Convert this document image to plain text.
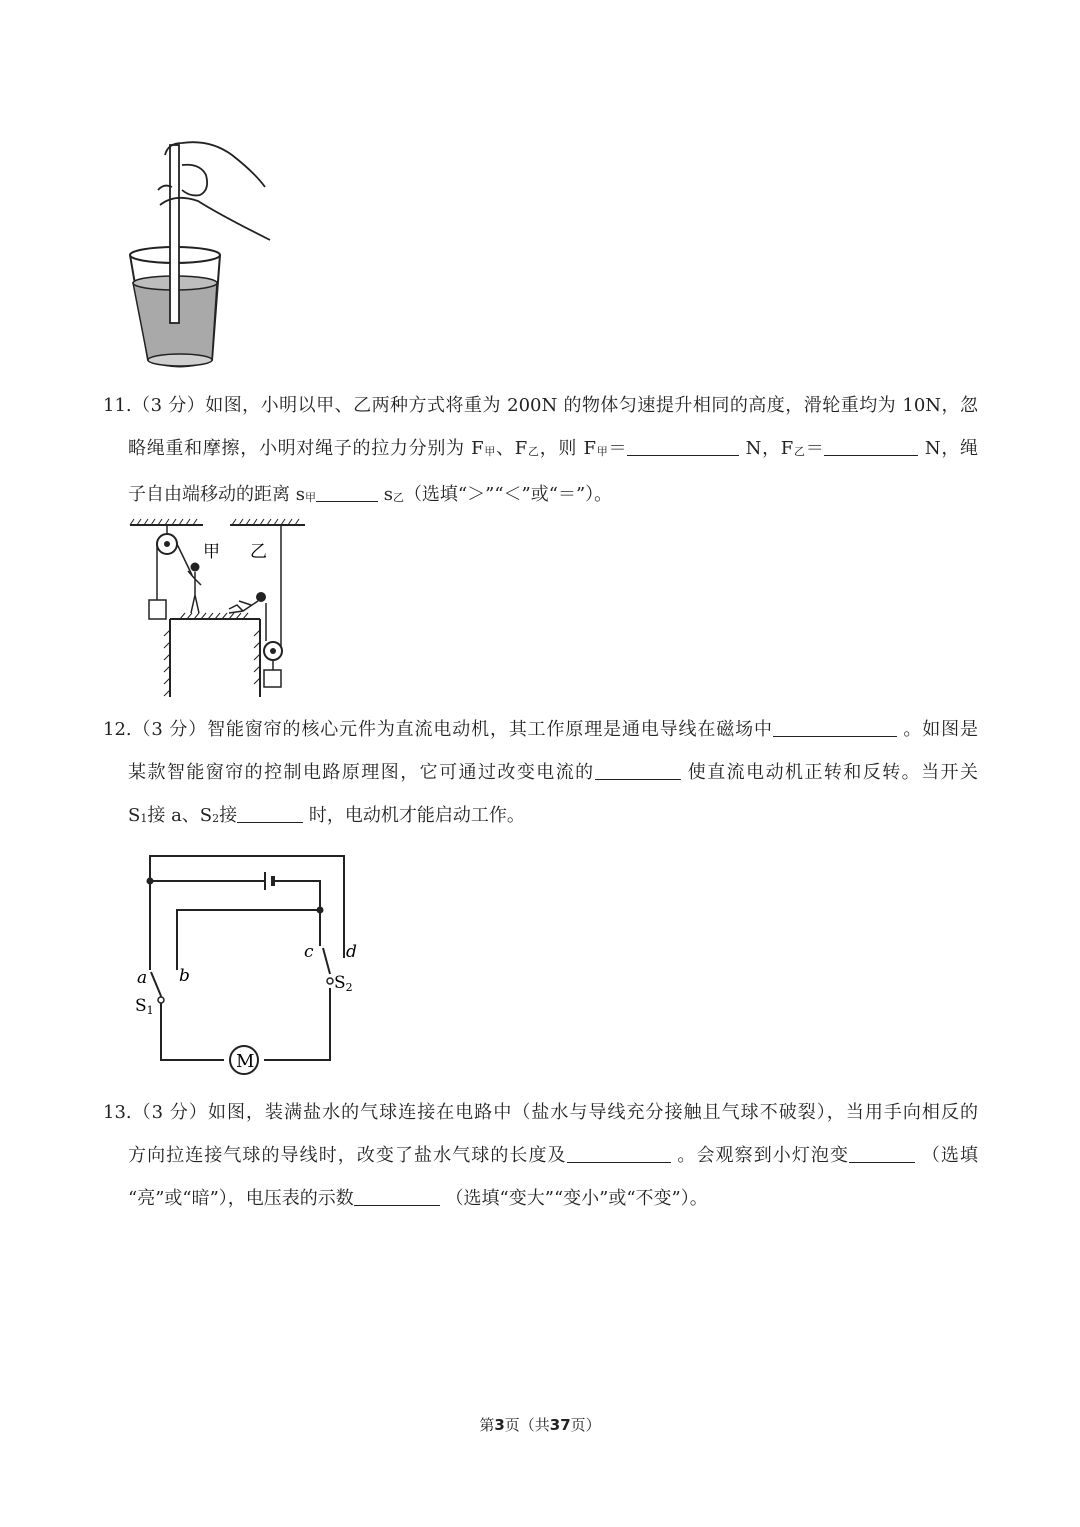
11.（3 分）如图，小明以甲、乙两种方式将重为 200N 的物体匀速提升相同的高度，滑轮重均为 10N，忽

略绳重和摩擦，小明对绳子的拉力分别为 $F_甲$、$F_乙$，则 $F_甲=$	N，$F_乙=$	N，绳

子自由端移动的距离 $s_甲$	$s_乙$（选填“＞”“＜”或“＝”）。

甲 乙

12.（3 分）智能窗帘的核心元件为直流电动机，其工作原理是通电导线在磁场中	。如图是

某款智能窗帘的控制电路原理图，它可通过改变电流的	使直流电动机正转和反转。当开关

$S_1$接 a、$S_2$接	时，电动机才能启动工作。

M
a b
c d
S1
S2

13.（3 分）如图，装满盐水的气球连接在电路中（盐水与导线充分接触且气球不破裂），当用手向相反的

方向拉连接气球的导线时，改变了盐水气球的长度及	。会观察到小灯泡变	（选填

“亮”或“暗”），电压表的示数	（选填“变大”“变小”或“不变”）。

第3页（共37页）
